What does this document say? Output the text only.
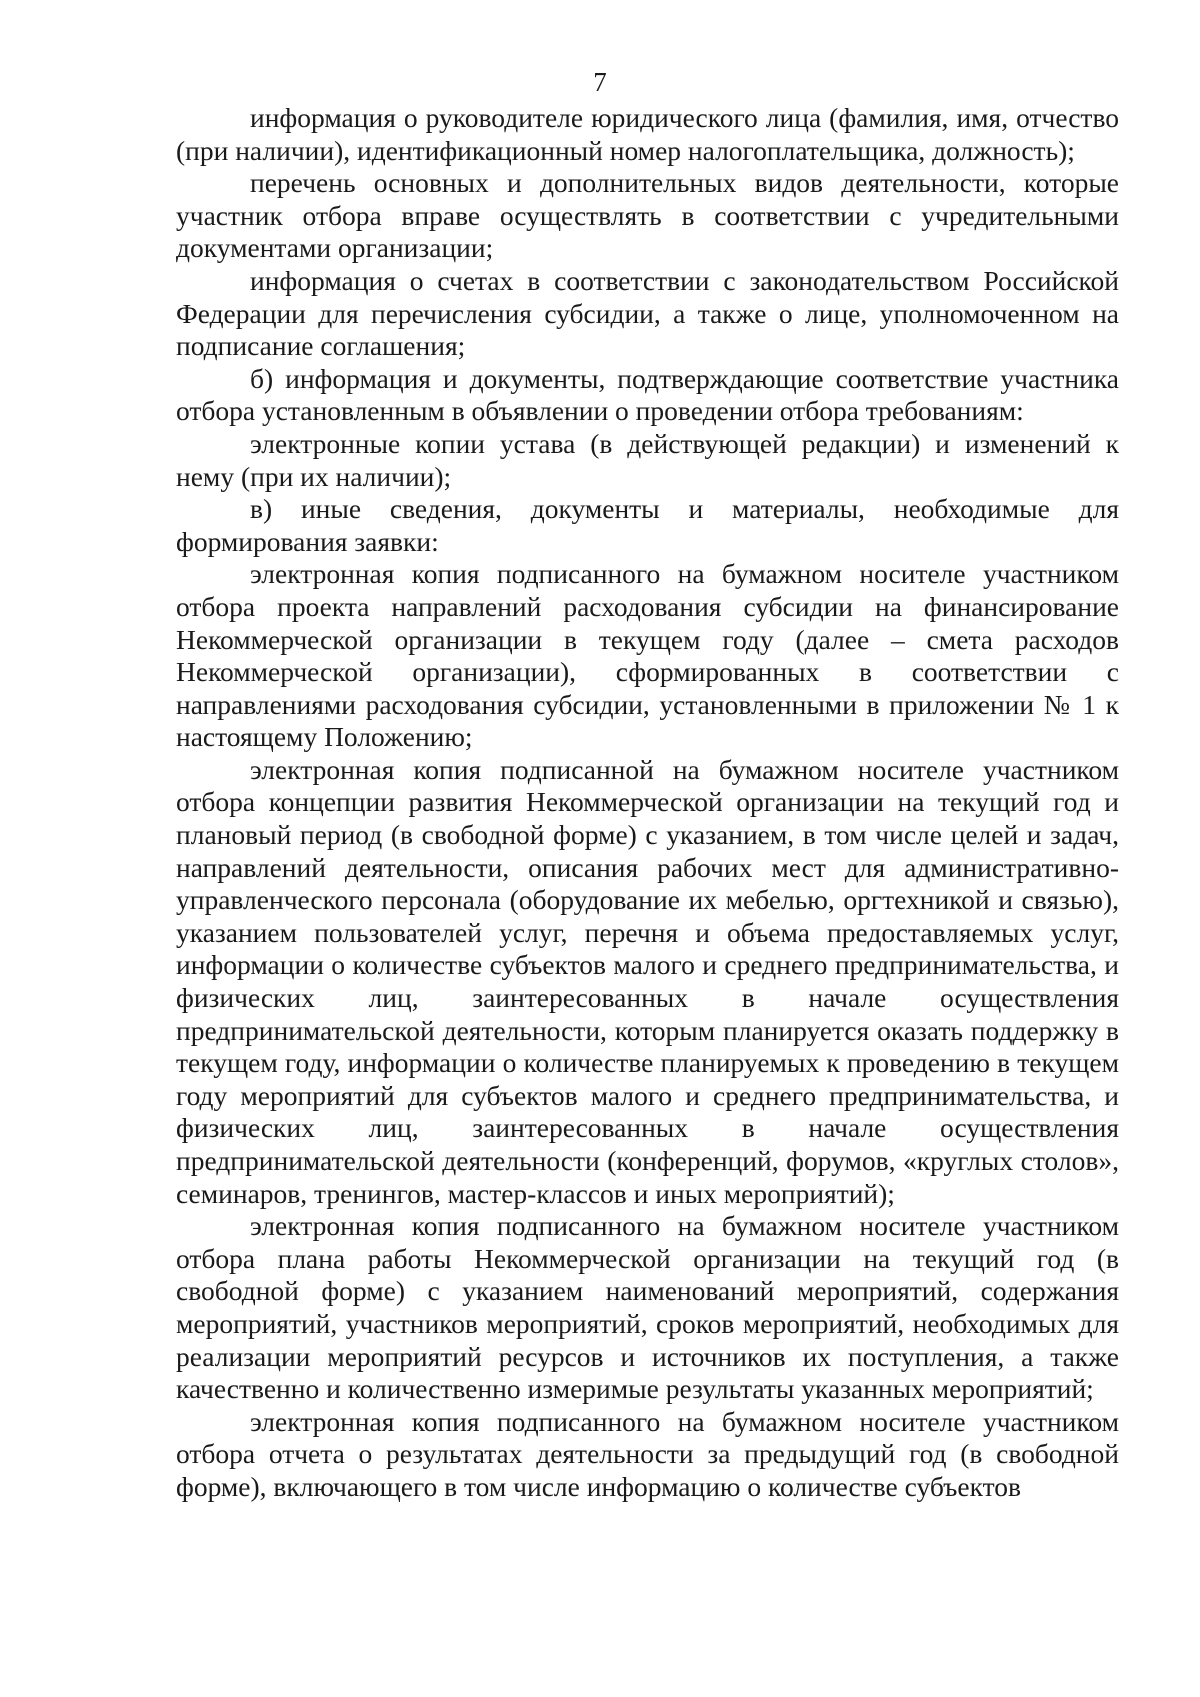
7

информация о руководителе юридического лица (фамилия, имя, отчество (при наличии), идентификационный номер налогоплательщика, должность);

перечень основных и дополнительных видов деятельности, которые участник отбора вправе осуществлять в соответствии с учредительными документами организации;

информация о счетах в соответствии с законодательством Российской Федерации для перечисления субсидии, а также о лице, уполномоченном на подписание соглашения;

б) информация и документы, подтверждающие соответствие участника отбора установленным в объявлении о проведении отбора требованиям:

электронные копии устава (в действующей редакции) и изменений к нему (при их наличии);

в) иные сведения, документы и материалы, необходимые для формирования заявки:

электронная копия подписанного на бумажном носителе участником отбора проекта направлений расходования субсидии на финансирование Некоммерческой организации в текущем году (далее – смета расходов Некоммерческой организации), сформированных в соответствии с направлениями расходования субсидии, установленными в приложении № 1 к настоящему Положению;

электронная копия подписанной на бумажном носителе участником отбора концепции развития Некоммерческой организации на текущий год и плановый период (в свободной форме) с указанием, в том числе целей и задач, направлений деятельности, описания рабочих мест для административно-управленческого персонала (оборудование их мебелью, оргтехникой и связью), указанием пользователей услуг, перечня и объема предоставляемых услуг, информации о количестве субъектов малого и среднего предпринимательства, и физических лиц, заинтересованных в начале осуществления предпринимательской деятельности, которым планируется оказать поддержку в текущем году, информации о количестве планируемых к проведению в текущем году мероприятий для субъектов малого и среднего предпринимательства, и физических лиц, заинтересованных в начале осуществления предпринимательской деятельности (конференций, форумов, «круглых столов», семинаров, тренингов, мастер-классов и иных мероприятий);

электронная копия подписанного на бумажном носителе участником отбора плана работы Некоммерческой организации на текущий год (в свободной форме) с указанием наименований мероприятий, содержания мероприятий, участников мероприятий, сроков мероприятий, необходимых для реализации мероприятий ресурсов и источников их поступления, а также качественно и количественно измеримые результаты указанных мероприятий;

электронная копия подписанного на бумажном носителе участником отбора отчета о результатах деятельности за предыдущий год (в свободной форме), включающего в том числе информацию о количестве субъектов
